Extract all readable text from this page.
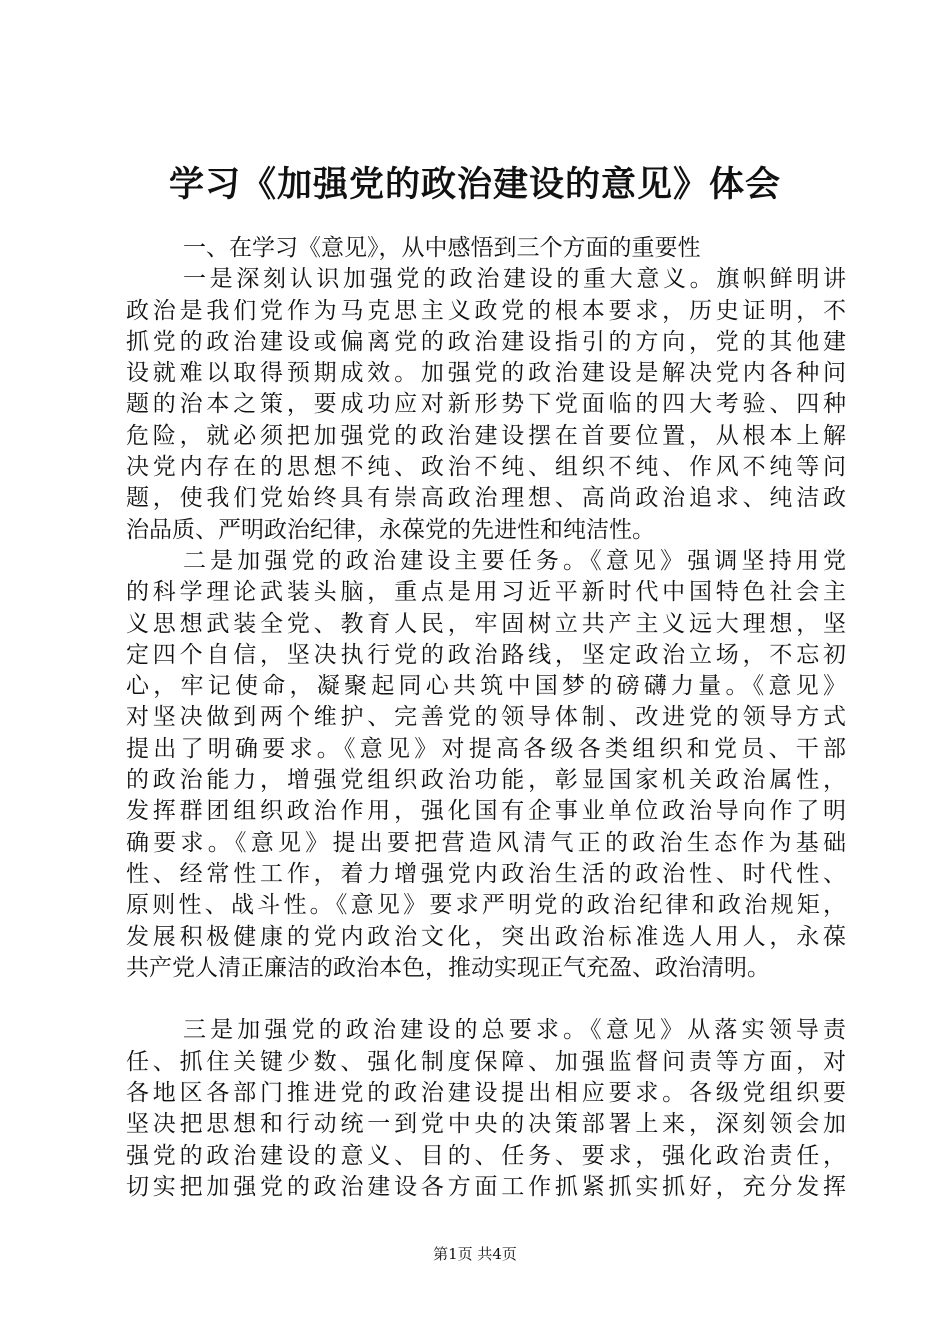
学习《加强党的政治建设的意见》体会
一、在学习《意见》，从中感悟到三个方面的重要性
一是深刻认识加强党的政治建设的重大意义。旗帜鲜明讲
政治是我们党作为马克思主义政党的根本要求，历史证明，不
抓党的政治建设或偏离党的政治建设指引的方向，党的其他建
设就难以取得预期成效。加强党的政治建设是解决党内各种问
题的治本之策，要成功应对新形势下党面临的四大考验、四种
危险，就必须把加强党的政治建设摆在首要位置，从根本上解
决党内存在的思想不纯、政治不纯、组织不纯、作风不纯等问
题，使我们党始终具有崇高政治理想、高尚政治追求、纯洁政
治品质、严明政治纪律，永葆党的先进性和纯洁性。
二是加强党的政治建设主要任务。《意见》强调坚持用党
的科学理论武装头脑，重点是用习近平新时代中国特色社会主
义思想武装全党、教育人民，牢固树立共产主义远大理想，坚
定四个自信，坚决执行党的政治路线，坚定政治立场，不忘初
心，牢记使命，凝聚起同心共筑中国梦的磅礴力量。《意见》
对坚决做到两个维护、完善党的领导体制、改进党的领导方式
提出了明确要求。《意见》对提高各级各类组织和党员、干部
的政治能力，增强党组织政治功能，彰显国家机关政治属性，
发挥群团组织政治作用，强化国有企事业单位政治导向作了明
确要求。《意见》提出要把营造风清气正的政治生态作为基础
性、经常性工作，着力增强党内政治生活的政治性、时代性、
原则性、战斗性。《意见》要求严明党的政治纪律和政治规矩，
发展积极健康的党内政治文化，突出政治标准选人用人，永葆
共产党人清正廉洁的政治本色，推动实现正气充盈、政治清明。
三是加强党的政治建设的总要求。《意见》从落实领导责
任、抓住关键少数、强化制度保障、加强监督问责等方面，对
各地区各部门推进党的政治建设提出相应要求。各级党组织要
坚决把思想和行动统一到党中央的决策部署上来，深刻领会加
强党的政治建设的意义、目的、任务、要求，强化政治责任，
切实把加强党的政治建设各方面工作抓紧抓实抓好，充分发挥
第1页 共4页
